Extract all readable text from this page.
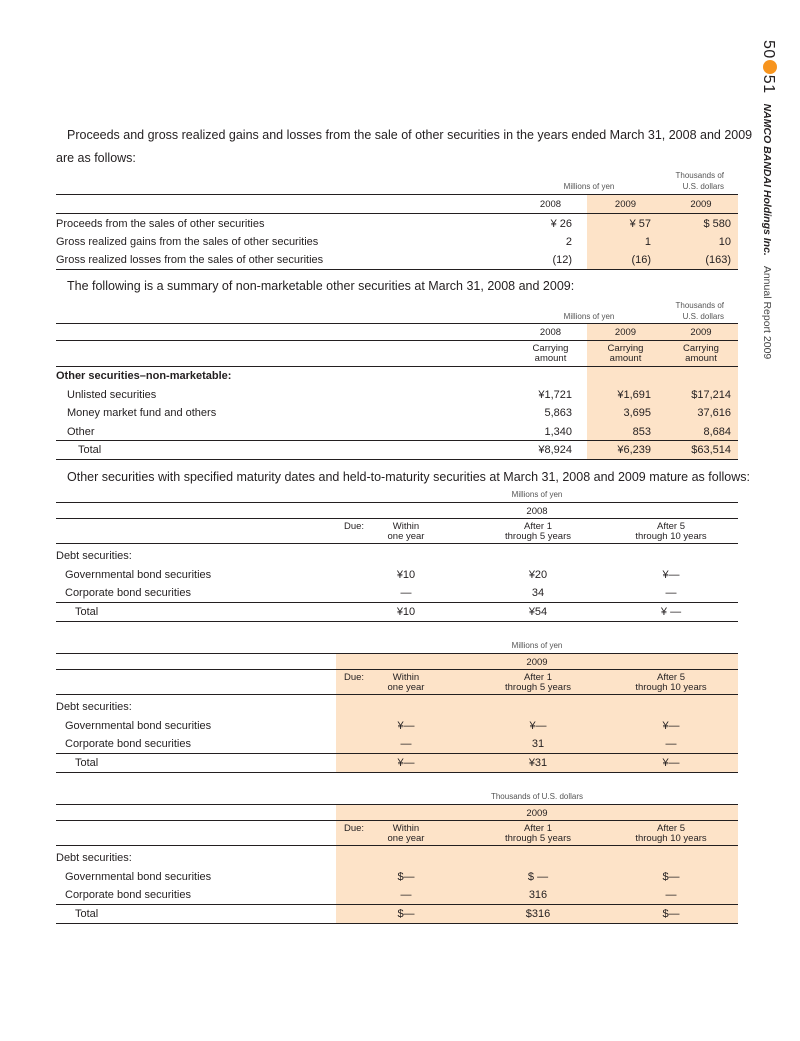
5051NAMCO BANDAI Holdings Inc.Annual Report 2009
Proceeds and gross realized gains and losses from the sale of other securities in the years ended March 31, 2008 and 2009
are as follows:
Thousands of
U.S. dollars
Millions of yen
2008	2009	2009
Proceeds from the sales of other securities	¥ 26	¥ 57	$ 580
Gross realized gains from the sales of other securities	2	1	10
Gross realized losses from the sales of other securities	(12)	(16)	(163)
The following is a summary of non-marketable other securities at March 31, 2008 and 2009:
Thousands of
U.S. dollars
Millions of yen
2008	2009	2009
Carrying	Carrying	Carrying
amount	amount	amount
Other securities–non-marketable:
Unlisted securities	¥1,721	¥1,691	$17,214
Money market fund and others	5,863	3,695	37,616
Other	1,340	853	8,684
Total	¥8,924	¥6,239	$63,514
Other securities with specified maturity dates and held-to-maturity securities at March 31, 2008 and 2009 mature as follows:
Millions of yen
2008
Due:	Within
one year
After 1
through 5 years
After 5
through 10 years
Debt securities:
Governmental bond securities	¥10	¥20	¥—
Corporate bond securities	—	34	—
Total	¥10	¥54	¥ —
Millions of yen
2009
Due:	Within
one year
After 1
through 5 years
After 5
through 10 years
Debt securities:
Governmental bond securities	¥—	¥—	¥—
Corporate bond securities	—	31	—
Total	¥—	¥31	¥—
Thousands of U.S. dollars
2009
Due:	Within
one year
After 1
through 5 years
After 5
through 10 years
Debt securities:
Governmental bond securities	$—	$ —	$—
Corporate bond securities	—	316	—
Total	$—	$316	$—
